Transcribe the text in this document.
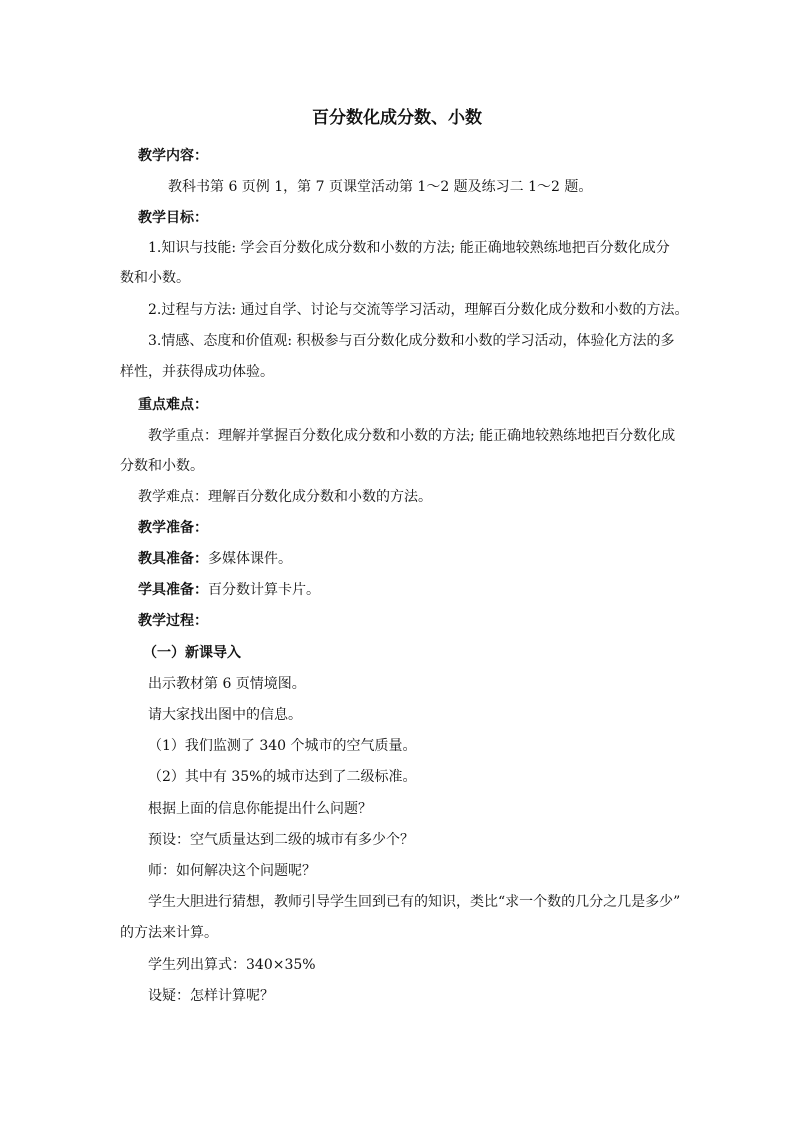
百分数化成分数、小数
教学内容：
教科书第 6 页例 1，第 7 页课堂活动第 1～2 题及练习二 1～2 题。
教学目标：
1.知识与技能: 学会百分数化成分数和小数的方法; 能正确地较熟练地把百分数化成分
数和小数。
2.过程与方法: 通过自学、讨论与交流等学习活动，理解百分数化成分数和小数的方法。
3.情感、态度和价值观: 积极参与百分数化成分数和小数的学习活动，体验化方法的多
样性，并获得成功体验。
重点难点：
教学重点：理解并掌握百分数化成分数和小数的方法; 能正确地较熟练地把百分数化成
分数和小数。
教学难点：理解百分数化成分数和小数的方法。
教学准备：
教具准备：多媒体课件。
学具准备：百分数计算卡片。
教学过程：
（一）新课导入
出示教材第 6 页情境图。
请大家找出图中的信息。
（1）我们监测了 340 个城市的空气质量。
（2）其中有 35%的城市达到了二级标准。
根据上面的信息你能提出什么问题？
预设：空气质量达到二级的城市有多少个？
师：如何解决这个问题呢？
学生大胆进行猜想，教师引导学生回到已有的知识，类比“求一个数的几分之几是多少”
的方法来计算。
学生列出算式：340×35%
设疑：怎样计算呢？
